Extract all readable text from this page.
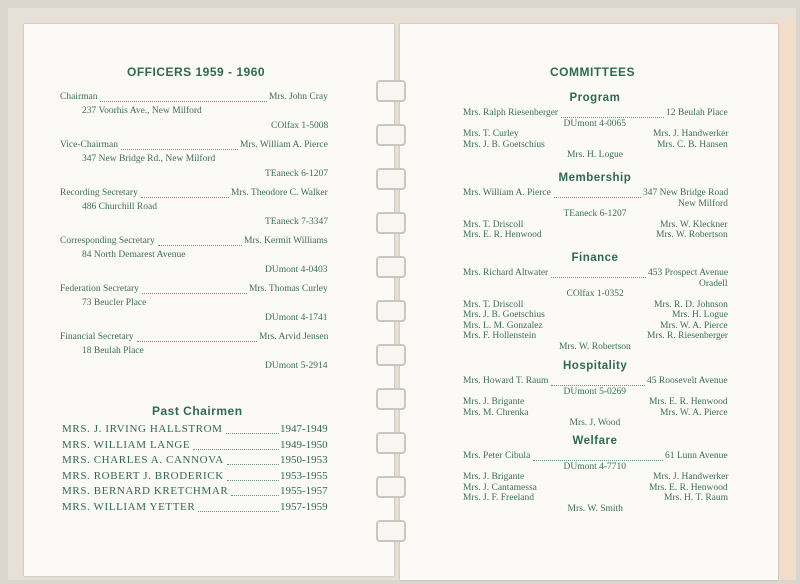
OFFICERS 1959 - 1960
Chairman	Mrs. John Cray
237 Voorhis Ave., New Milford
COlfax 1-5008
Vice-Chairman	Mrs. William A. Pierce
347 New Bridge Rd., New Milford
TEaneck 6-1207
Recording Secretary	Mrs. Theodore C. Walker
486 Churchill Road
TEaneck 7-3347
Corresponding Secretary	Mrs. Kermit Williams
84 North Demarest Avenue
DUmont 4-0403
Federation Secretary	Mrs. Thomas Curley
73 Beucler Place
DUmont 4-1741
Financial Secretary	Mrs. Arvid Jensen
18 Beulah Place
DUmont 5-2914
Past Chairmen
MRS. J. IRVING HALLSTROM	1947-1949
MRS. WILLIAM LANGE	1949-1950
MRS. CHARLES A. CANNOVA	1950-1953
MRS. ROBERT J. BRODERICK	1953-1955
MRS. BERNARD KRETCHMAR	1955-1957
MRS. WILLIAM YETTER	1957-1959
COMMITTEES
Program
Mrs. Ralph Riesenberger	12 Beulah Place
DUmont 4-0065
Mrs. T. Curley	Mrs. J. Handwerker
Mrs. J. B. Goetschius	Mrs. C. B. Hansen
Mrs. H. Logue
Membership
Mrs. William A. Pierce	347 New Bridge Road
New Milford
TEaneck 6-1207
Mrs. T. Driscoll	Mrs. W. Kleckner
Mrs. E. R. Henwood	Mrs. W. Robertson
Finance
Mrs. Richard Altwater	453 Prospect Avenue
Oradell
COlfax 1-0352
Mrs. T. Driscoll	Mrs. R. D. Johnson
Mrs. J. B. Goetschius	Mrs. H. Logue
Mrs. L. M. Gonzalez	Mrs. W. A. Pierce
Mrs. F. Hollenstein	Mrs. R. Riesenberger
Mrs. W. Robertson
Hospitality
Mrs. Howard T. Raum	45 Roosevelt Avenue
DUmont 5-0269
Mrs. J. Brigante	Mrs. E. R. Henwood
Mrs. M. Chrenka	Mrs. W. A. Pierce
Mrs. J. Wood
Welfare
Mrs. Peter Cibula	61 Lunn Avenue
DUmont 4-7710
Mrs. J. Brigante	Mrs. J. Handwerker
Mrs. J. Cantamessa	Mrs. E. R. Henwood
Mrs. J. F. Freeland	Mrs. H. T. Raum
Mrs. W. Smith
